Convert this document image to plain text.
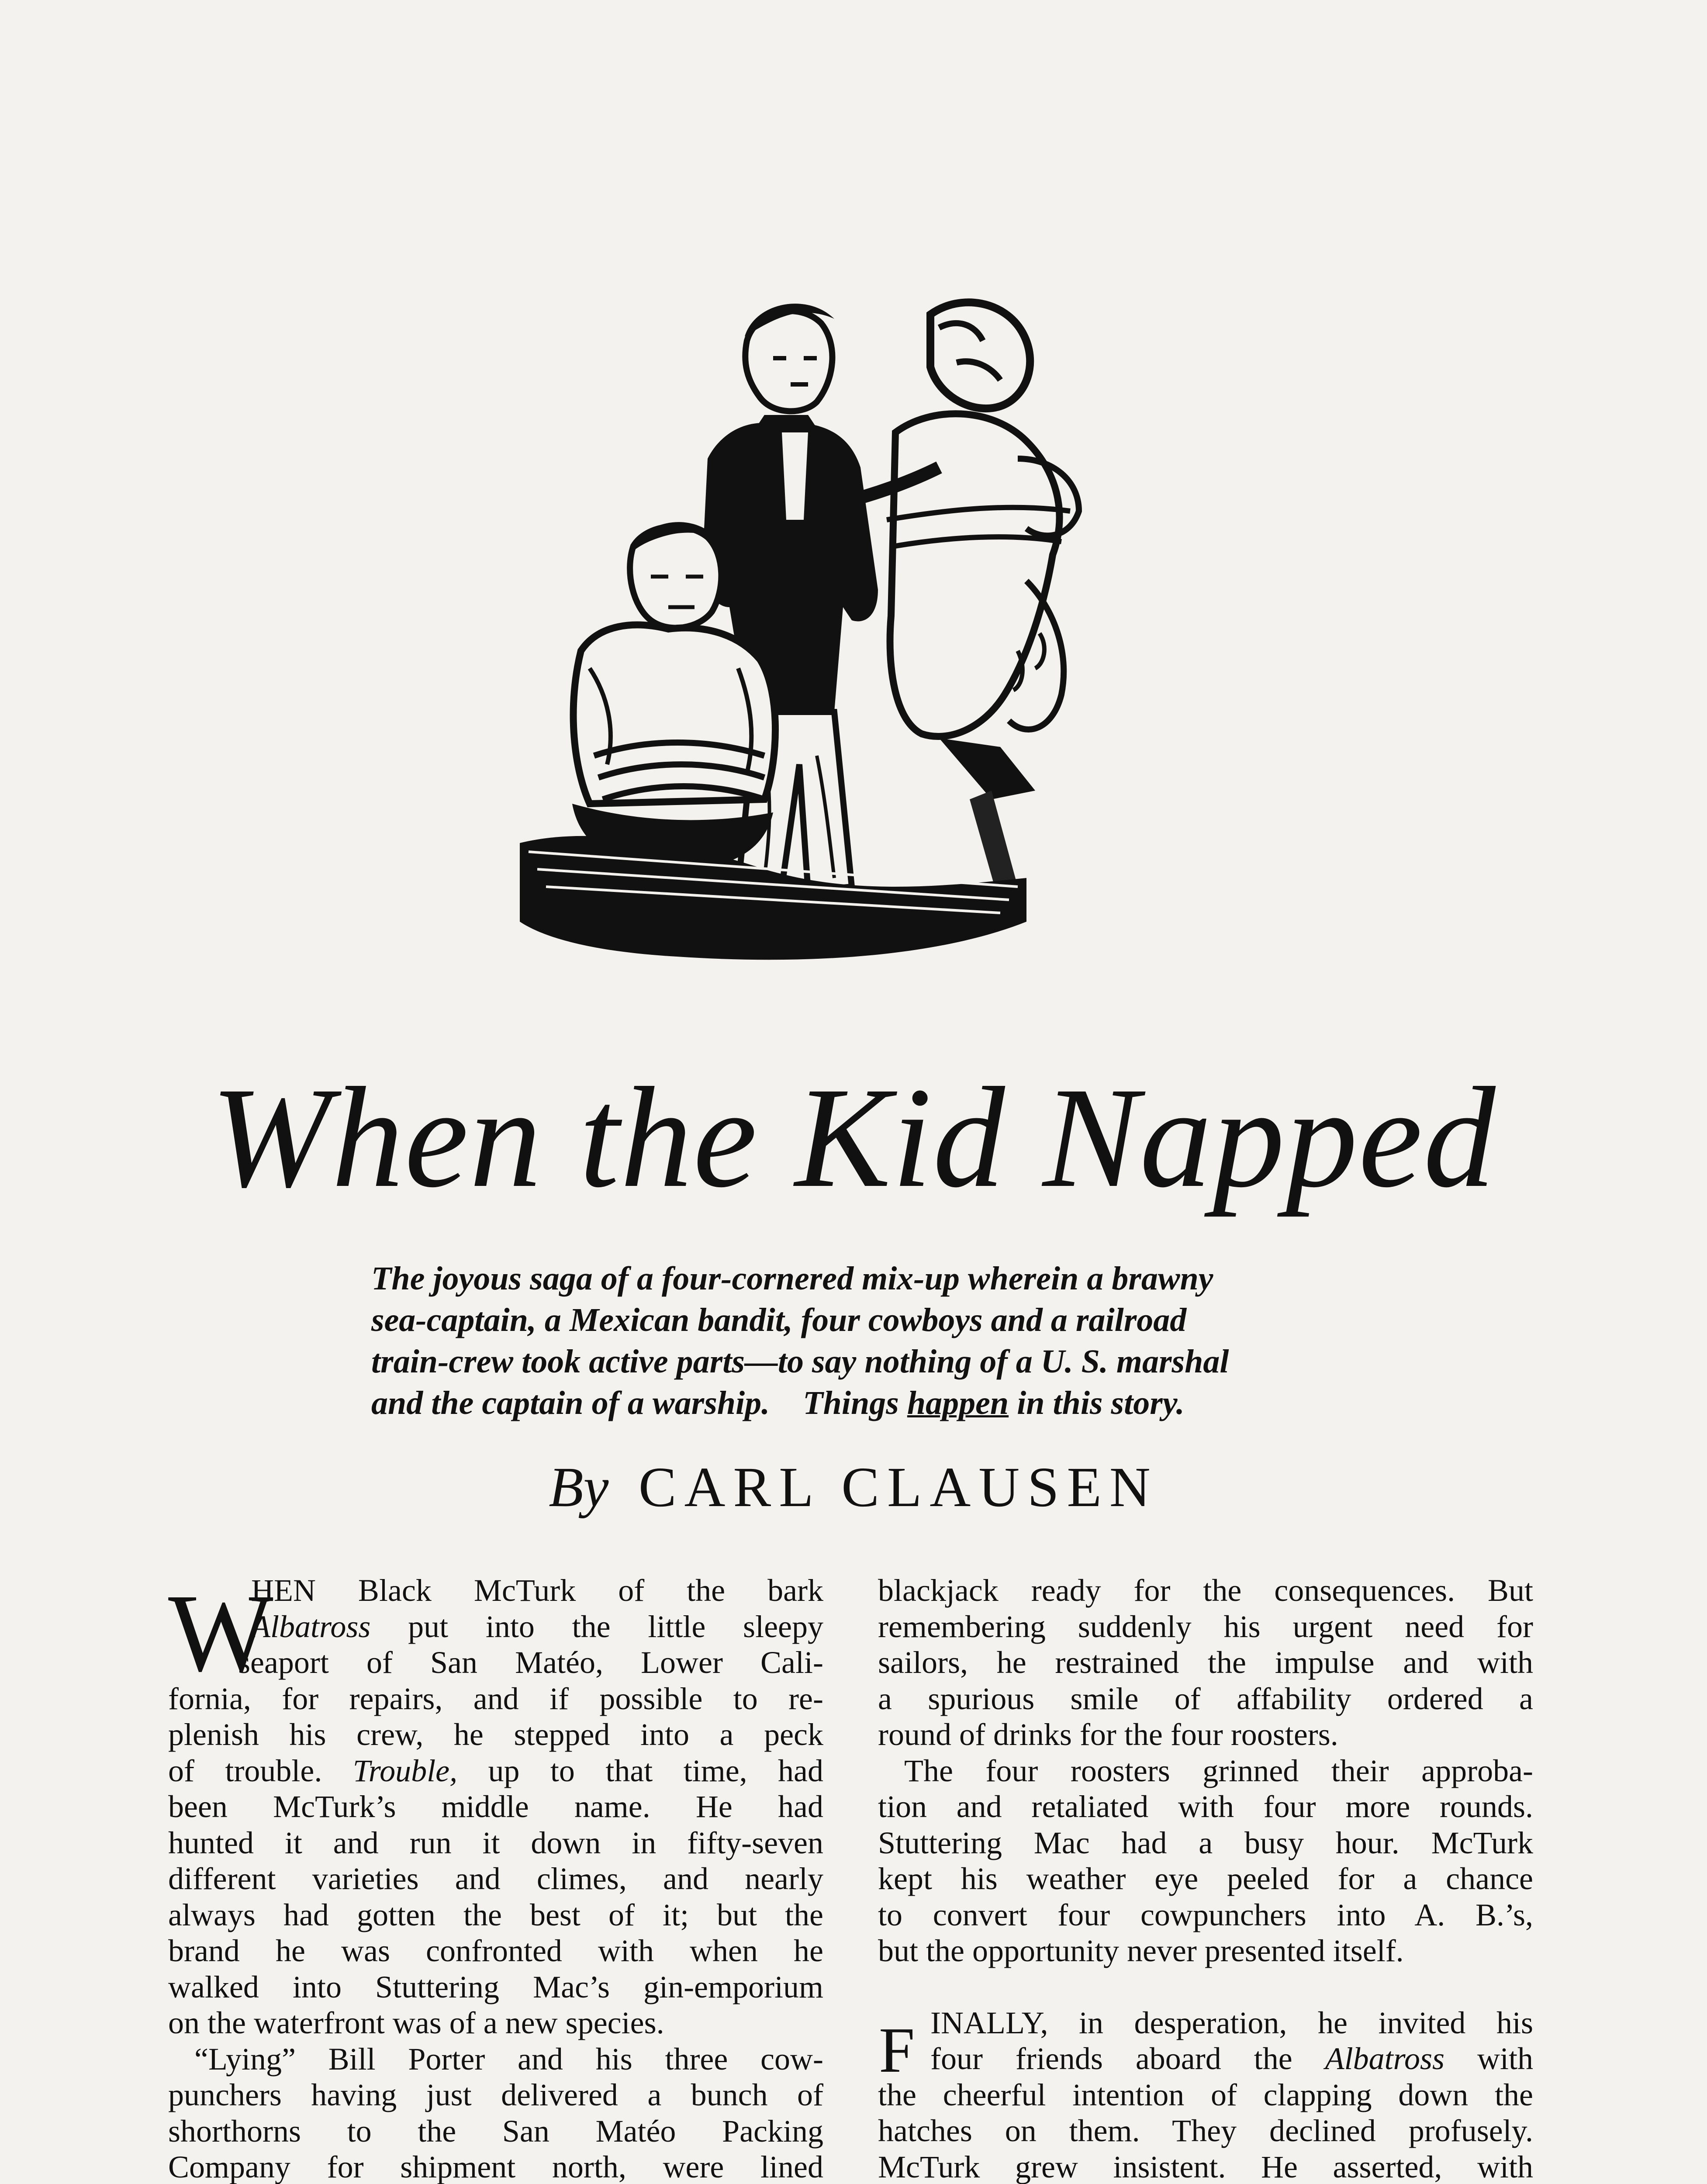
When the Kid Napped
The joyous saga of a four-cornered mix-up wherein a brawny
sea-captain, a Mexican bandit, four cowboys and a railroad
train-crew took active parts—to say nothing of a U. S. marshal
and the captain of a warship. Things happen in this story.
By CARL CLAUSEN
W
HEN Black McTurk of the bark
Albatross put into the little sleepy
seaport of San Matéo, Lower Cali-
fornia, for repairs, and if possible to re-
plenish his crew, he stepped into a peck
of trouble. Trouble, up to that time, had
been McTurk’s middle name. He had
hunted it and run it down in fifty-seven
different varieties and climes, and nearly
always had gotten the best of it; but the
brand he was confronted with when he
walked into Stuttering Mac’s gin-emporium
on the waterfront was of a new species.
“Lying” Bill Porter and his three cow-
punchers having just delivered a bunch of
shorthorns to the San Matéo Packing
Company for shipment north, were lined
F
blackjack ready for the consequences. But
remembering suddenly his urgent need for
sailors, he restrained the impulse and with
a spurious smile of affability ordered a
round of drinks for the four roosters.
The four roosters grinned their approba-
tion and retaliated with four more rounds.
Stuttering Mac had a busy hour. McTurk
kept his weather eye peeled for a chance
to convert four cowpunchers into A. B.’s,
but the opportunity never presented itself.
INALLY, in desperation, he invited his
four friends aboard the Albatross with
the cheerful intention of clapping down the
hatches on them. They declined profusely.
McTurk grew insistent. He asserted, with
